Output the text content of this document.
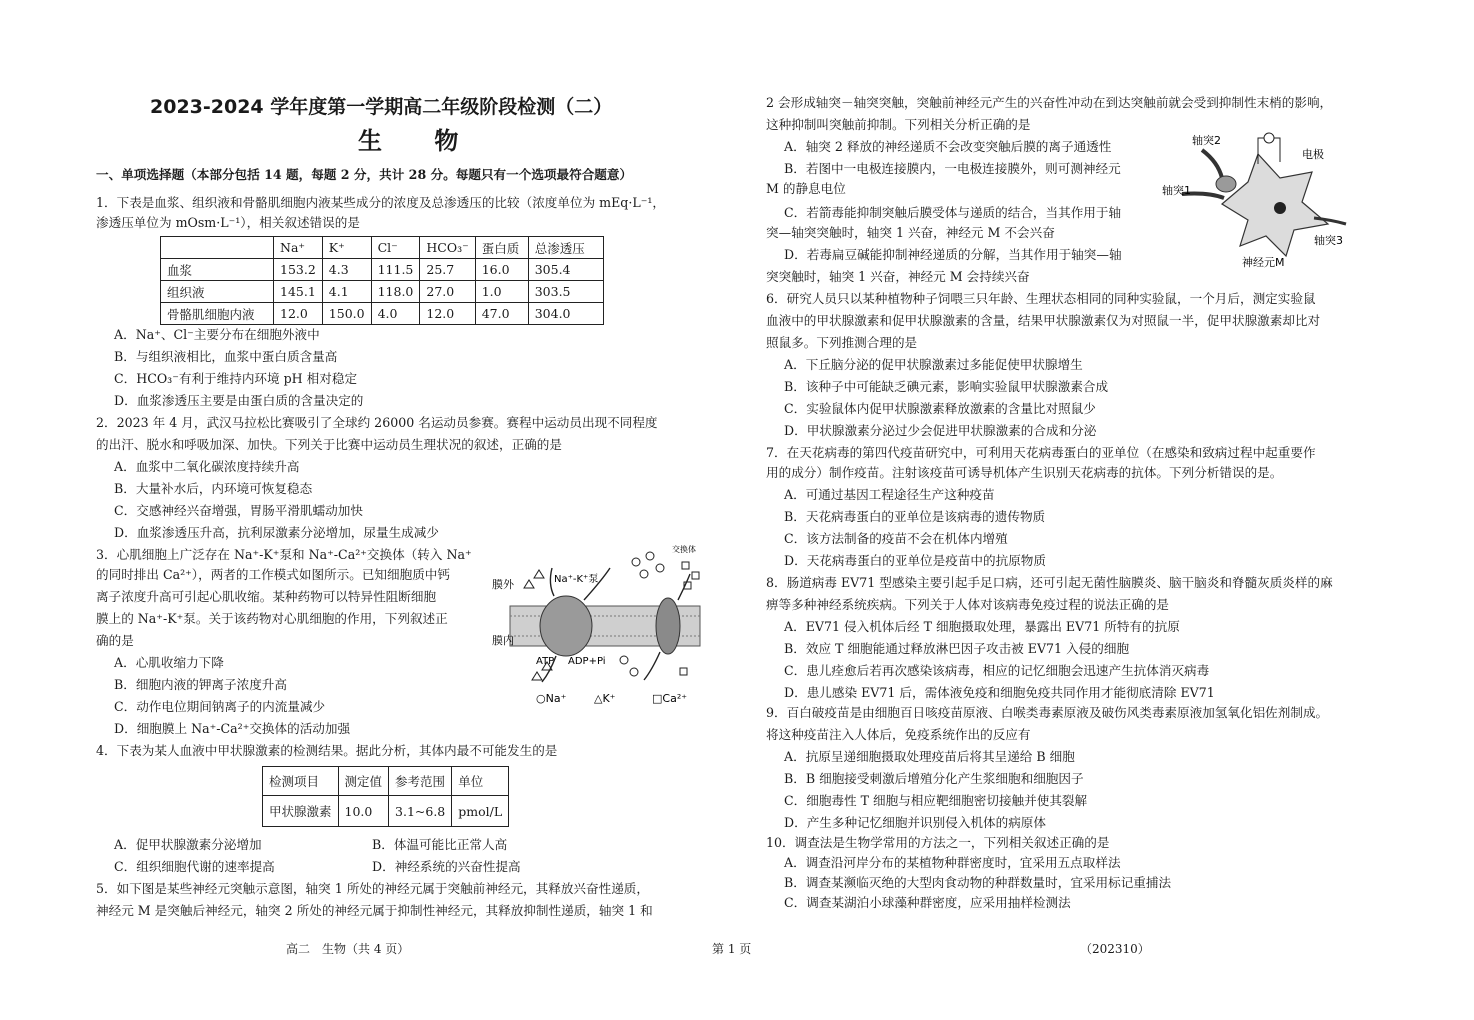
2023-2024 学年度第一学期高二年级阶段检测（二）
生 物
一、单项选择题（本部分包括 14 题，每题 2 分，共计 28 分。每题只有一个选项最符合题意）
1．下表是血浆、组织液和骨骼肌细胞内液某些成分的浓度及总渗透压的比较（浓度单位为 mEq·L⁻¹，
渗透压单位为 mOsm·L⁻¹），相关叙述错误的是
	Na⁺	K⁺	Cl⁻	HCO₃⁻	蛋白质	总渗透压
血浆	153.2	4.3	111.5	25.7	16.0	305.4
组织液	145.1	4.1	118.0	27.0	1.0	303.5
骨骼肌细胞内液	12.0	150.0	4.0	12.0	47.0	304.0
A．Na⁺、Cl⁻主要分布在细胞外液中
B．与组织液相比，血浆中蛋白质含量高
C．HCO₃⁻有利于维持内环境 pH 相对稳定
D．血浆渗透压主要是由蛋白质的含量决定的
2．2023 年 4 月，武汉马拉松比赛吸引了全球约 26000 名运动员参赛。赛程中运动员出现不同程度
的出汗、脱水和呼吸加深、加快。下列关于比赛中运动员生理状况的叙述，正确的是
A．血浆中二氧化碳浓度持续升高
B．大量补水后，内环境可恢复稳态
C．交感神经兴奋增强，胃肠平滑肌蠕动加快
D．血浆渗透压升高，抗利尿激素分泌增加，尿量生成减少
3．心肌细胞上广泛存在 Na⁺-K⁺泵和 Na⁺-Ca²⁺交换体（转入 Na⁺
的同时排出 Ca²⁺），两者的工作模式如图所示。已知细胞质中钙
离子浓度升高可引起心肌收缩。某种药物可以特异性阻断细胞
膜上的 Na⁺-K⁺泵。关于该药物对心肌细胞的作用，下列叙述正
确的是
A．心肌收缩力下降
B．细胞内液的钾离子浓度升高
C．动作电位期间钠离子的内流量减少
D．细胞膜上 Na⁺-Ca²⁺交换体的活动加强
膜外
膜内
Na⁺-K⁺泵
交换体
ATP ADP+Pi
○Na⁺	△K⁺	□Ca²⁺
4．下表为某人血液中甲状腺激素的检测结果。据此分析，其体内最不可能发生的是
检测项目	测定值	参考范围	单位
甲状腺激素	10.0	3.1~6.8	pmol/L
A．促甲状腺激素分泌增加	B．体温可能比正常人高
C．组织细胞代谢的速率提高	D．神经系统的兴奋性提高
5．如下图是某些神经元突触示意图，轴突 1 所处的神经元属于突触前神经元，其释放兴奋性递质，
神经元 M 是突触后神经元，轴突 2 所处的神经元属于抑制性神经元，其释放抑制性递质，轴突 1 和
2 会形成轴突－轴突突触，突触前神经元产生的兴奋性冲动在到达突触前就会受到抑制性末梢的影响，
这种抑制叫突触前抑制。下列相关分析正确的是
A．轴突 2 释放的神经递质不会改变突触后膜的离子通透性
B．若图中一电极连接膜内，一电极连接膜外，则可测神经元
M 的静息电位
C．若箭毒能抑制突触后膜受体与递质的结合，当其作用于轴
突—轴突突触时，轴突 1 兴奋，神经元 M 不会兴奋
D．若毒扁豆碱能抑制神经递质的分解，当其作用于轴突—轴
突突触时，轴突 1 兴奋，神经元 M 会持续兴奋
轴突2
电极
轴突1
轴突3
神经元M
6．研究人员只以某种植物种子饲喂三只年龄、生理状态相同的同种实验鼠，一个月后，测定实验鼠
血液中的甲状腺激素和促甲状腺激素的含量，结果甲状腺激素仅为对照鼠一半，促甲状腺激素却比对
照鼠多。下列推测合理的是
A．下丘脑分泌的促甲状腺激素过多能促使甲状腺增生
B．该种子中可能缺乏碘元素，影响实验鼠甲状腺激素合成
C．实验鼠体内促甲状腺激素释放激素的含量比对照鼠少
D．甲状腺激素分泌过少会促进甲状腺激素的合成和分泌
7．在天花病毒的第四代疫苗研究中，可利用天花病毒蛋白的亚单位（在感染和致病过程中起重要作
用的成分）制作疫苗。注射该疫苗可诱导机体产生识别天花病毒的抗体。下列分析错误的是。
A．可通过基因工程途径生产这种疫苗
B．天花病毒蛋白的亚单位是该病毒的遗传物质
C．该方法制备的疫苗不会在机体内增殖
D．天花病毒蛋白的亚单位是疫苗中的抗原物质
8．肠道病毒 EV71 型感染主要引起手足口病，还可引起无菌性脑膜炎、脑干脑炎和脊髓灰质炎样的麻
痹等多种神经系统疾病。下列关于人体对该病毒免疫过程的说法正确的是
A．EV71 侵入机体后经 T 细胞摄取处理，暴露出 EV71 所特有的抗原
B．效应 T 细胞能通过释放淋巴因子攻击被 EV71 入侵的细胞
C．患儿痊愈后若再次感染该病毒，相应的记忆细胞会迅速产生抗体消灭病毒
D．患儿感染 EV71 后，需体液免疫和细胞免疫共同作用才能彻底清除 EV71
9．百白破疫苗是由细胞百日咳疫苗原液、白喉类毒素原液及破伤风类毒素原液加氢氧化铝佐剂制成。
将这种疫苗注入人体后，免疫系统作出的反应有
A．抗原呈递细胞摄取处理疫苗后将其呈递给 B 细胞
B．B 细胞接受刺激后增殖分化产生浆细胞和细胞因子
C．细胞毒性 T 细胞与相应靶细胞密切接触并使其裂解
D．产生多种记忆细胞并识别侵入机体的病原体
10．调查法是生物学常用的方法之一，下列相关叙述正确的是
A．调查沿河岸分布的某植物种群密度时，宜采用五点取样法
B．调查某濒临灭绝的大型肉食动物的种群数量时，宜采用标记重捕法
C．调查某湖泊小球藻种群密度，应采用抽样检测法
高二　生物（共 4 页）	第 1 页	（202310）
